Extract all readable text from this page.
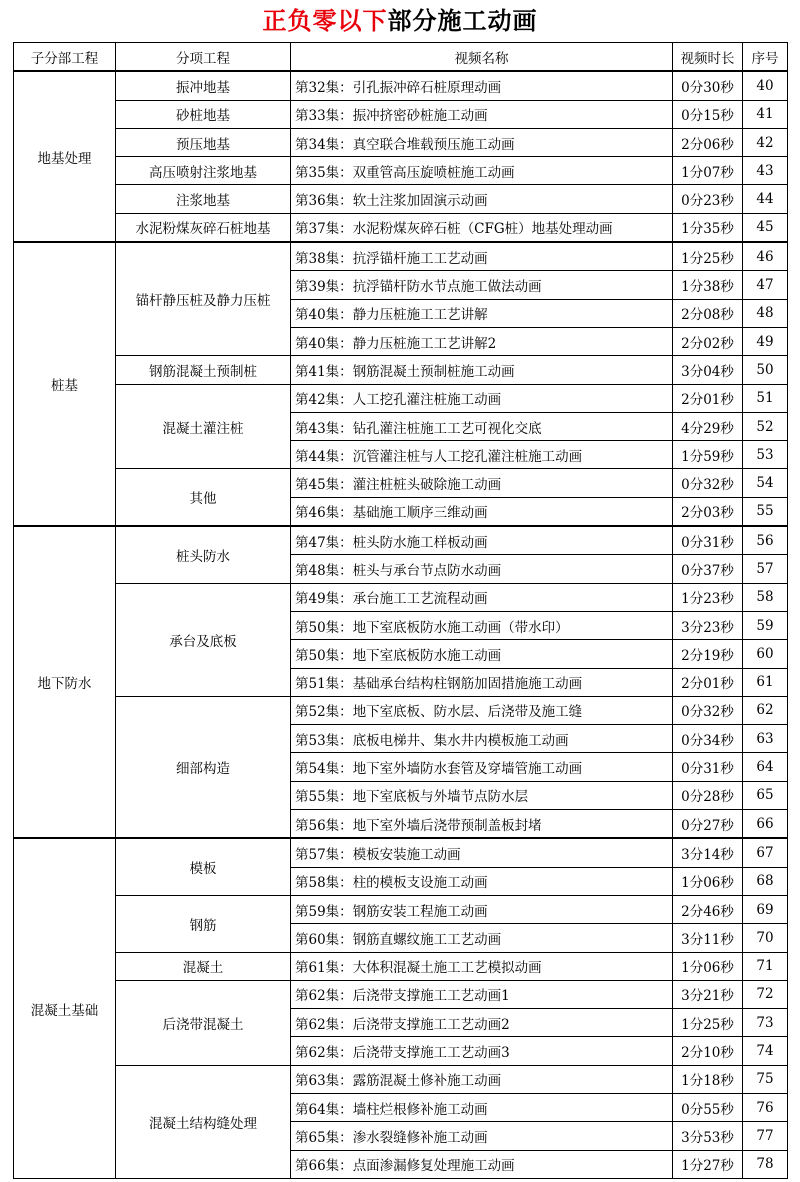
正负零以下部分施工动画
子分部工程	分项工程	视频名称	视频时长	序号
地基处理	振冲地基	第32集：引孔振冲碎石桩原理动画	0分30秒	40
	砂桩地基	第33集：振冲挤密砂桩施工动画	0分15秒	41
	预压地基	第34集：真空联合堆载预压施工动画	2分06秒	42
	高压喷射注浆地基	第35集：双重管高压旋喷桩施工动画	1分07秒	43
	注浆地基	第36集：软土注浆加固演示动画	0分23秒	44
	水泥粉煤灰碎石桩地基	第37集：水泥粉煤灰碎石桩（CFG桩）地基处理动画	1分35秒	45
桩基	锚杆静压桩及静力压桩	第38集：抗浮锚杆施工工艺动画	1分25秒	46
		第39集：抗浮锚杆防水节点施工做法动画	1分38秒	47
		第40集：静力压桩施工工艺讲解	2分08秒	48
		第40集：静力压桩施工工艺讲解2	2分02秒	49
	钢筋混凝土预制桩	第41集：钢筋混凝土预制桩施工动画	3分04秒	50
	混凝土灌注桩	第42集：人工挖孔灌注桩施工动画	2分01秒	51
		第43集：钻孔灌注桩施工工艺可视化交底	4分29秒	52
		第44集：沉管灌注桩与人工挖孔灌注桩施工动画	1分59秒	53
	其他	第45集：灌注桩桩头破除施工动画	0分32秒	54
		第46集：基础施工顺序三维动画	2分03秒	55
地下防水	桩头防水	第47集：桩头防水施工样板动画	0分31秒	56
		第48集：桩头与承台节点防水动画	0分37秒	57
	承台及底板	第49集：承台施工工艺流程动画	1分23秒	58
		第50集：地下室底板防水施工动画（带水印）	3分23秒	59
		第50集：地下室底板防水施工动画	2分19秒	60
		第51集：基础承台结构柱钢筋加固措施施工动画	2分01秒	61
	细部构造	第52集：地下室底板、防水层、后浇带及施工缝	0分32秒	62
		第53集：底板电梯井、集水井内模板施工动画	0分34秒	63
		第54集：地下室外墙防水套管及穿墙管施工动画	0分31秒	64
		第55集：地下室底板与外墙节点防水层	0分28秒	65
		第56集：地下室外墙后浇带预制盖板封堵	0分27秒	66
混凝土基础	模板	第57集：模板安装施工动画	3分14秒	67
		第58集：柱的模板支设施工动画	1分06秒	68
	钢筋	第59集：钢筋安装工程施工动画	2分46秒	69
		第60集：钢筋直螺纹施工工艺动画	3分11秒	70
	混凝土	第61集：大体积混凝土施工工艺模拟动画	1分06秒	71
	后浇带混凝土	第62集：后浇带支撑施工工艺动画1	3分21秒	72
		第62集：后浇带支撑施工工艺动画2	1分25秒	73
		第62集：后浇带支撑施工工艺动画3	2分10秒	74
	混凝土结构缝处理	第63集：露筋混凝土修补施工动画	1分18秒	75
		第64集：墙柱烂根修补施工动画	0分55秒	76
		第65集：渗水裂缝修补施工动画	3分53秒	77
		第66集：点面渗漏修复处理施工动画	1分27秒	78
